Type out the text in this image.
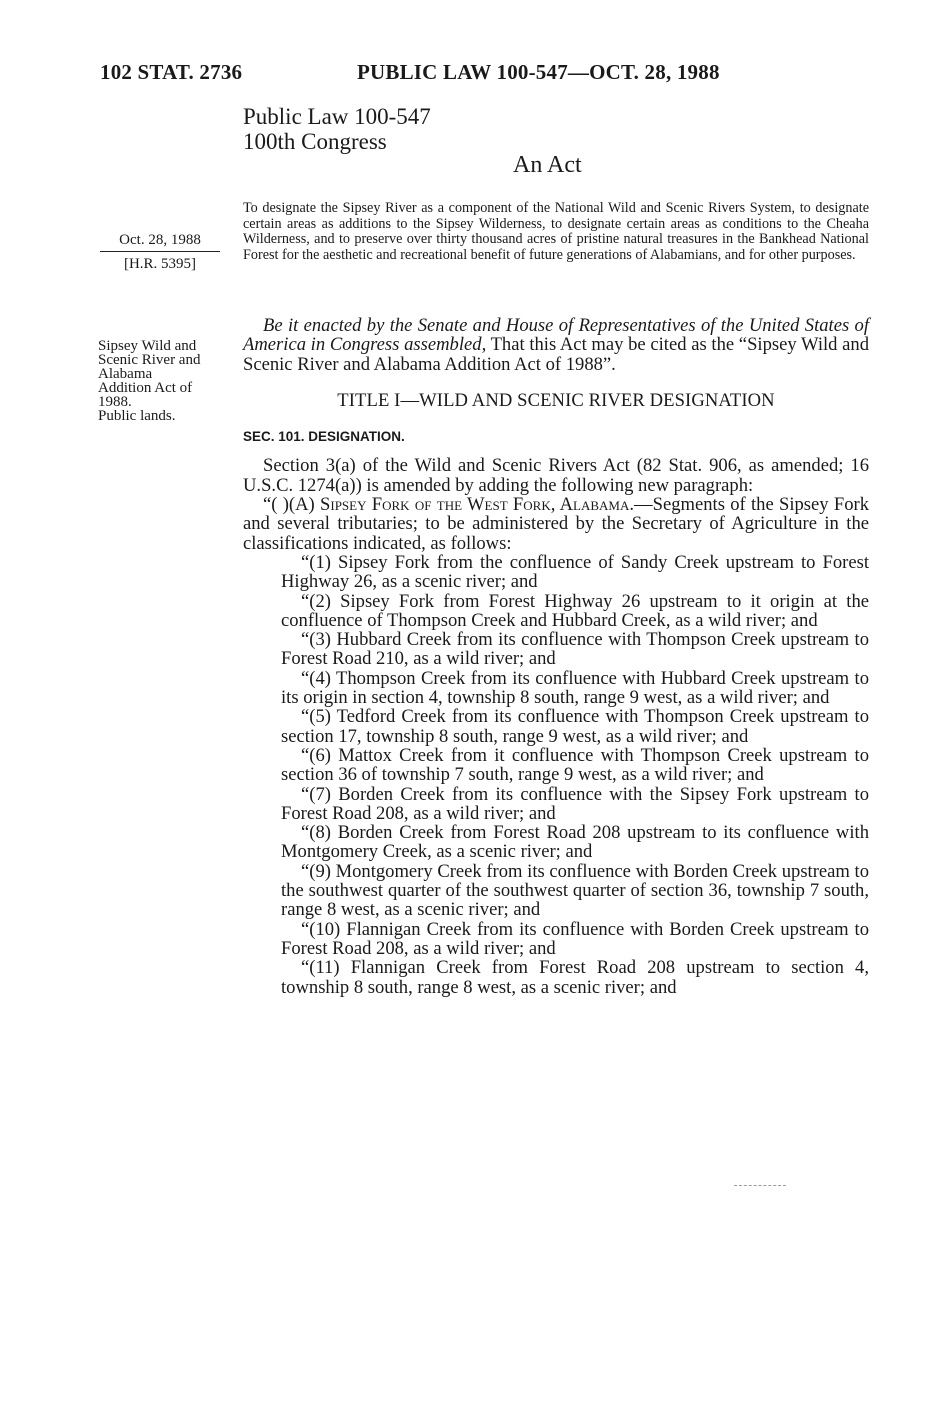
102 STAT. 2736	PUBLIC LAW 100-547—OCT. 28, 1988
Public Law 100-547
100th Congress
An Act
Oct. 28, 1988
[H.R. 5395]
Sipsey Wild and
Scenic River and
Alabama
Addition Act of
1988.
Public lands.
To designate the Sipsey River as a component of the National Wild and Scenic Rivers System, to designate certain areas as additions to the Sipsey Wilderness, to designate certain areas as conditions to the Cheaha Wilderness, and to preserve over thirty thousand acres of pristine natural treasures in the Bankhead National Forest for the aesthetic and recreational benefit of future generations of Alabamians, and for other purposes.

Be it enacted by the Senate and House of Representatives of the United States of America in Congress assembled, That this Act may be cited as the “Sipsey Wild and Scenic River and Alabama Addition Act of 1988”.

TITLE I—WILD AND SCENIC RIVER DESIGNATION

SEC. 101. DESIGNATION.

Section 3(a) of the Wild and Scenic Rivers Act (82 Stat. 906, as amended; 16 U.S.C. 1274(a)) is amended by adding the following new paragraph:

“( )(A) Sipsey Fork of the West Fork, Alabama.—Segments of the Sipsey Fork and several tributaries; to be administered by the Secretary of Agriculture in the classifications indicated, as follows:

“(1) Sipsey Fork from the confluence of Sandy Creek upstream to Forest Highway 26, as a scenic river; and

“(2) Sipsey Fork from Forest Highway 26 upstream to it origin at the confluence of Thompson Creek and Hubbard Creek, as a wild river; and

“(3) Hubbard Creek from its confluence with Thompson Creek upstream to Forest Road 210, as a wild river; and

“(4) Thompson Creek from its confluence with Hubbard Creek upstream to its origin in section 4, township 8 south, range 9 west, as a wild river; and

“(5) Tedford Creek from its confluence with Thompson Creek upstream to section 17, township 8 south, range 9 west, as a wild river; and

“(6) Mattox Creek from it confluence with Thompson Creek upstream to section 36 of township 7 south, range 9 west, as a wild river; and

“(7) Borden Creek from its confluence with the Sipsey Fork upstream to Forest Road 208, as a wild river; and

“(8) Borden Creek from Forest Road 208 upstream to its confluence with Montgomery Creek, as a scenic river; and

“(9) Montgomery Creek from its confluence with Borden Creek upstream to the southwest quarter of the southwest quarter of section 36, township 7 south, range 8 west, as a scenic river; and

“(10) Flannigan Creek from its confluence with Borden Creek upstream to Forest Road 208, as a wild river; and

“(11) Flannigan Creek from Forest Road 208 upstream to section 4, township 8 south, range 8 west, as a scenic river; and
